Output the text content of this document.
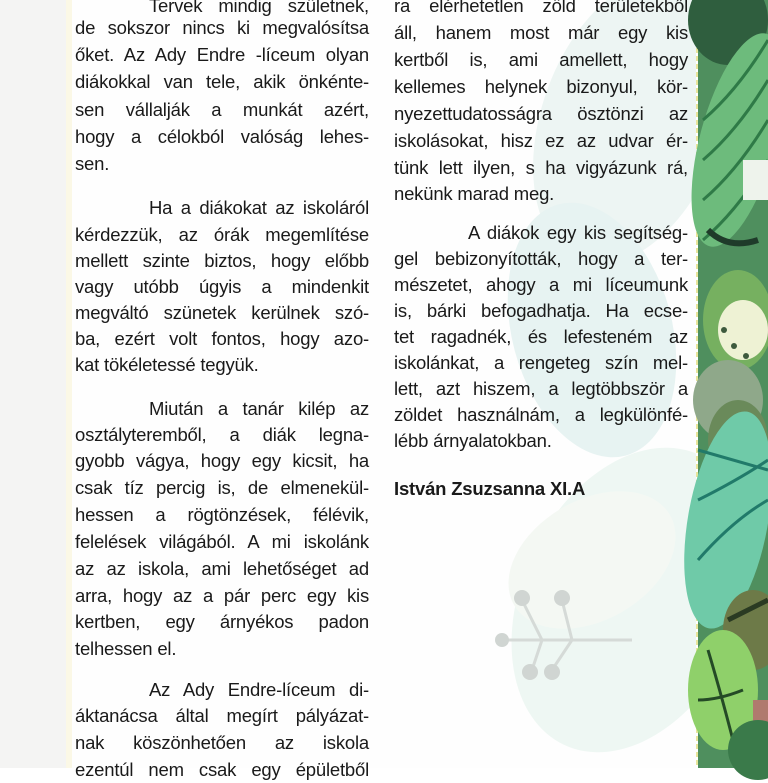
Tervek mindig születnek,
de sokszor nincs ki megvalósítsa
őket. Az Ady Endre -líceum olyan
diákokkal van tele, akik önkénte-
sen vállalják a munkát azért,
hogy a célokból valóság lehes-
sen.
Ha a diákokat az iskoláról
kérdezzük, az órák megemlítése
mellett szinte biztos, hogy előbb
vagy utóbb úgyis a mindenkit
megváltó szünetek kerülnek szó-
ba, ezért volt fontos, hogy azo-
kat tökéletessé tegyük.
Miután a tanár kilép az
osztályteremből, a diák legna-
gyobb vágya, hogy egy kicsit, ha
csak tíz percig is, de elmenekül-
hessen a rögtönzések, félévik,
felelések világából. A mi iskolánk
az az iskola, ami lehetőséget ad
arra, hogy az a pár perc egy kis
kertben, egy árnyékos padon
telhessen el.
Az Ady Endre-líceum di-
áktanácsa által megírt pályázat-
nak köszönhetően az iskola
ezentúl nem csak egy épületből
ra elérhetetlen zöld területekből
áll, hanem most már egy kis
kertből is, ami amellett, hogy
kellemes helynek bizonyul, kör-
nyezettudatosságra ösztönzi az
iskolásokat, hisz ez az udvar ér-
tünk lett ilyen, s ha vigyázunk rá,
nekünk marad meg.
A diákok egy kis segítség-
gel bebizonyították, hogy a ter-
mészetet, ahogy a mi líceumunk
is, bárki befogadhatja. Ha ecse-
tet ragadnék, és lefesteném az
iskolánkat, a rengeteg szín mel-
lett, azt hiszem, a legtöbbször a
zöldet használnám, a legkülönfé-
lébb árnyalatokban.
István Zsuzsanna XI.A
